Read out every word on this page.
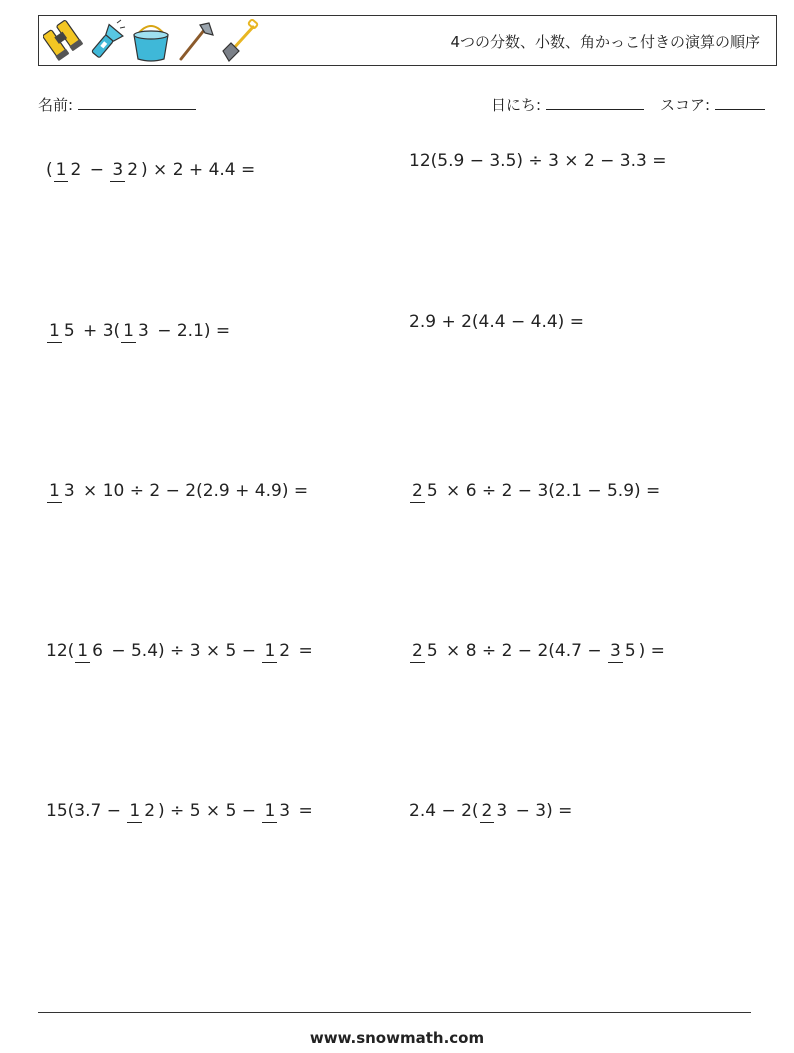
4つの分数、小数、角かっこ付きの演算の順序
名前:	日にち:	スコア:
( 1 2 − 3 2 ) × 2 + 4.4 =	12(5.9 − 3.5) ÷ 3 × 2 − 3.3 =
1 5 + 3( 1 3 − 2.1) =	2.9 + 2(4.4 − 4.4) =
1 3 × 10 ÷ 2 − 2(2.9 + 4.9) =	2 5 × 6 ÷ 2 − 3(2.1 − 5.9) =
12( 1 6 − 5.4) ÷ 3 × 5 − 1 2 =	2 5 × 8 ÷ 2 − 2(4.7 − 3 5 ) =
15(3.7 − 1 2 ) ÷ 5 × 5 − 1 3 =	2.4 − 2( 2 3 − 3) =
www.snowmath.com
